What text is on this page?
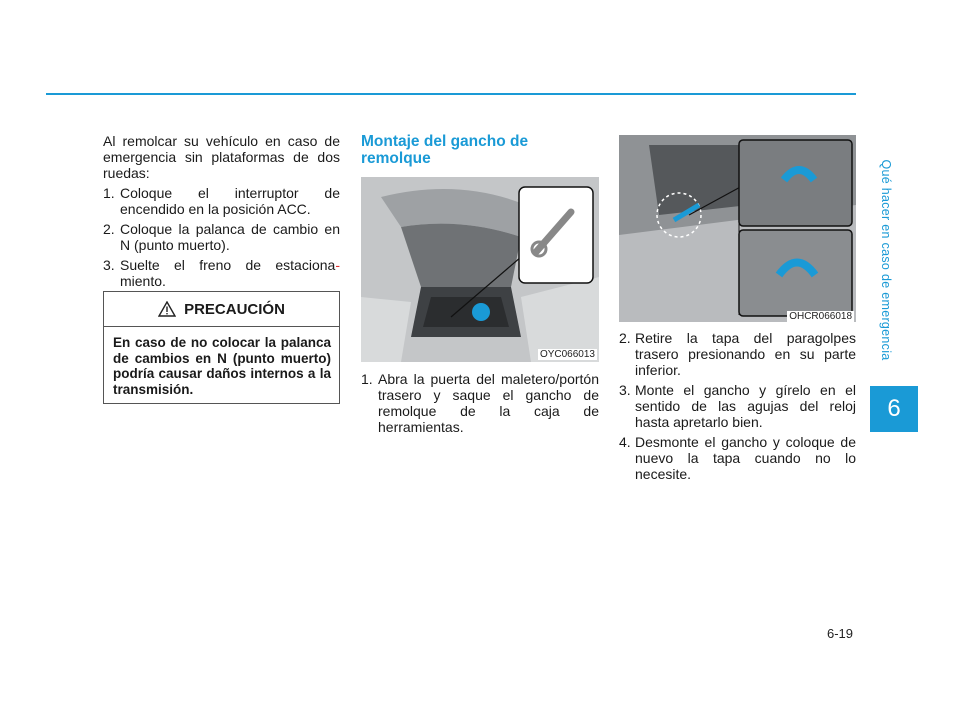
Al remolcar su vehículo en caso de emergencia sin plataformas de dos ruedas:

1. Coloque el interruptor de encendido en la posición ACC.
2. Coloque la palanca de cambio en N (punto muerto).
3. Suelte el freno de estaciona- miento.
PRECAUCIÓN
En caso de no colocar la palanca de cambios en N (punto muerto) podría causar daños internos a la transmisión.
Montaje del gancho de remolque
OYC066013
1. Abra la puerta del maletero/portón trasero y saque el gancho de remolque de la caja de herramientas.
OHCR066018
2. Retire la tapa del paragolpes trasero presionando en su parte inferior.
3. Monte el gancho y gírelo en el sentido de las agujas del reloj hasta apretarlo bien.
4. Desmonte el gancho y coloque de nuevo la tapa cuando no lo necesite.
Qué hacer en caso de emergencia
6
6-19
